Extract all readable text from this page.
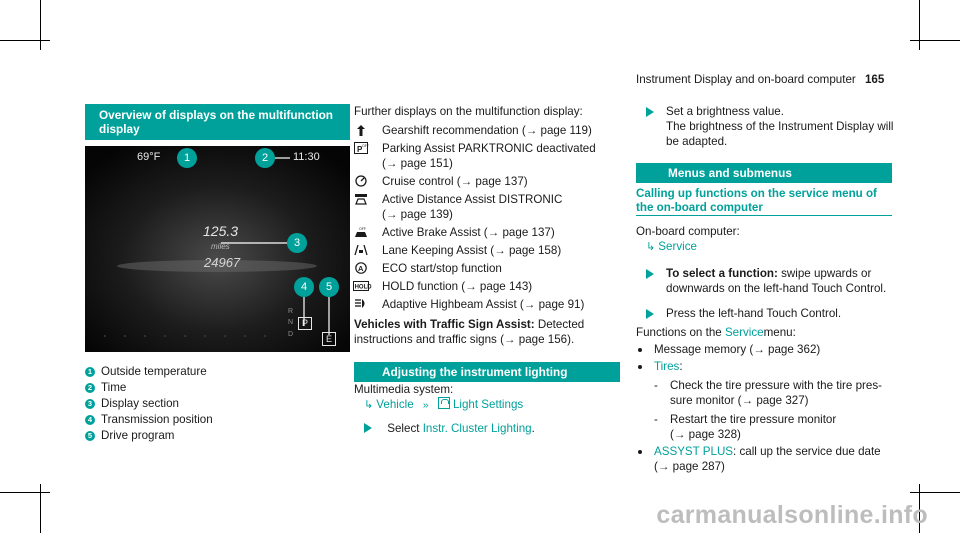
Instrument Display and on-board computer 165
Overview of displays on the multifunction display
69°F	11:30
125.3
miles
24967
R
N
D
P
E
1	2
3
4	5
1 Outside temperature
2 Time
3 Display section
4 Transmission position
5 Drive program
Further displays on the multifunction display:
Gearshift recommendation (→ page 119)
P OFF Parking Assist PARKTRONIC deactivated
(→ page 151)
Cruise control (→ page 137)
Active Distance Assist DISTRONIC
(→ page 139)
OFF Active Brake Assist (→ page 137)
Lane Keeping Assist (→ page 158)
A ECO start/stop function
HOLD HOLD function (→ page 143)
Adaptive Highbeam Assist (→ page 91)
Vehicles with Traffic Sign Assist: Detected
instructions and traffic signs (→ page 156).
Adjusting the instrument lighting
Multimedia system:
↳ Vehicle » Light Settings
Select Instr. Cluster Lighting.
Set a brightness value.
The brightness of the Instrument Display will
be adapted.
Menus and submenus
Calling up functions on the service menu of
the on-board computer
On-board computer:
↳ Service
To select a function: swipe upwards or
downwards on the left-hand Touch Control.
Press the left-hand Touch Control.
Functions on the Servicemenu:
Message memory (→ page 362)
Tires:
-	Check the tire pressure with the tire pres-
sure monitor (→ page 327)
-	Restart the tire pressure monitor
(→ page 328)
ASSYST PLUS: call up the service due date
(→ page 287)
carmanualsonline.info
